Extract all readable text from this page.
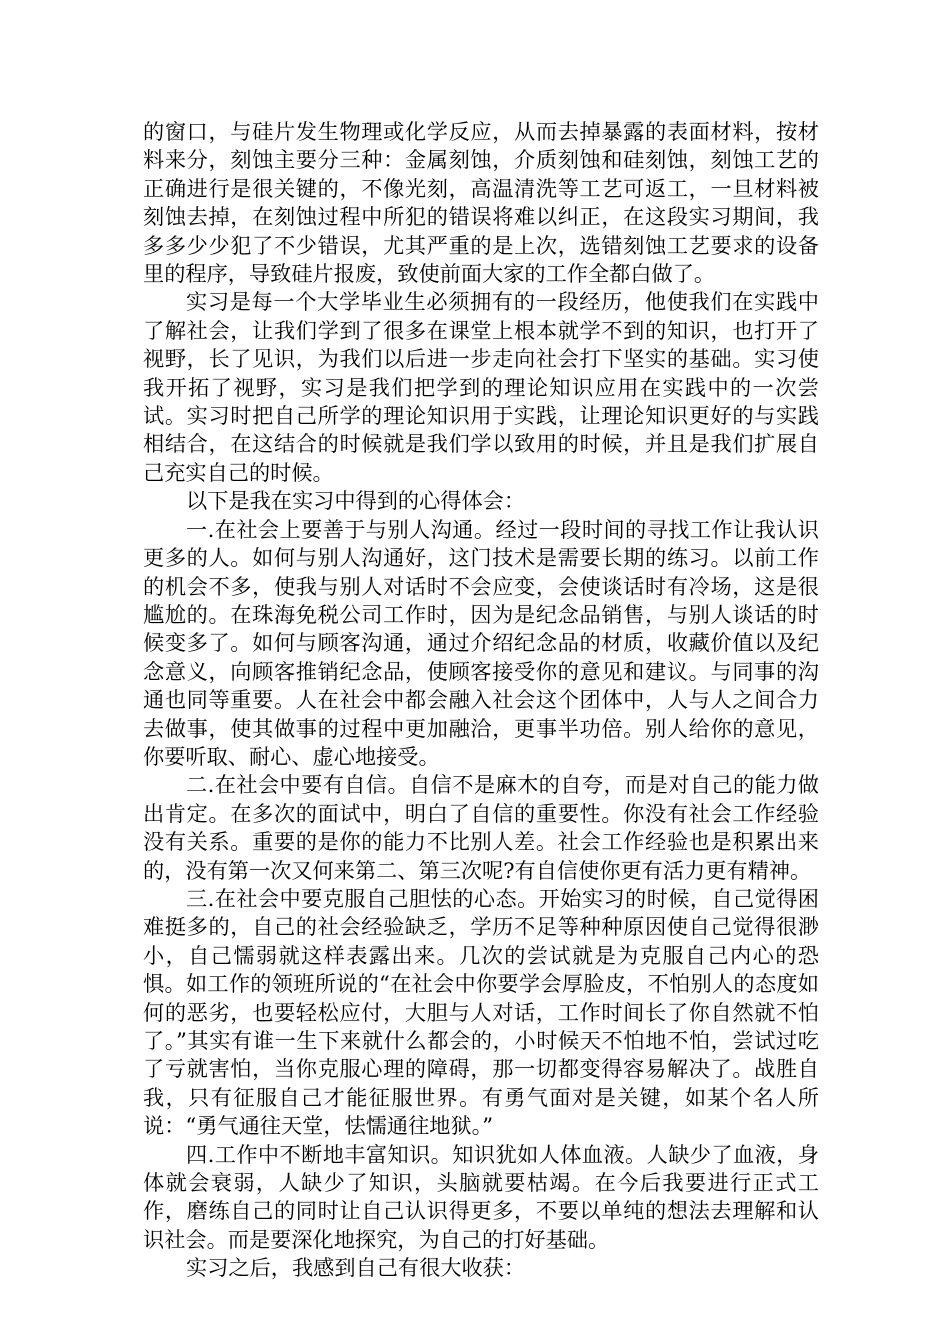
的窗口，与硅片发生物理或化学反应，从而去掉暴露的表面材料，按材料来分，刻蚀主要分三种：金属刻蚀，介质刻蚀和硅刻蚀，刻蚀工艺的正确进行是很关键的，不像光刻，高温清洗等工艺可返工，一旦材料被刻蚀去掉，在刻蚀过程中所犯的错误将难以纠正，在这段实习期间，我多多少少犯了不少错误，尤其严重的是上次，选错刻蚀工艺要求的设备里的程序，导致硅片报废，致使前面大家的工作全都白做了。

实习是每一个大学毕业生必须拥有的一段经历，他使我们在实践中了解社会，让我们学到了很多在课堂上根本就学不到的知识，也打开了视野，长了见识，为我们以后进一步走向社会打下坚实的基础。实习使我开拓了视野，实习是我们把学到的理论知识应用在实践中的一次尝试。实习时把自己所学的理论知识用于实践，让理论知识更好的与实践相结合，在这结合的时候就是我们学以致用的时候，并且是我们扩展自己充实自己的时候。

以下是我在实习中得到的心得体会：

一.在社会上要善于与别人沟通。经过一段时间的寻找工作让我认识更多的人。如何与别人沟通好，这门技术是需要长期的练习。以前工作的机会不多，使我与别人对话时不会应变，会使谈话时有冷场，这是很尴尬的。在珠海免税公司工作时，因为是纪念品销售，与别人谈话的时候变多了。如何与顾客沟通，通过介绍纪念品的材质，收藏价值以及纪念意义，向顾客推销纪念品，使顾客接受你的意见和建议。与同事的沟通也同等重要。人在社会中都会融入社会这个团体中，人与人之间合力去做事，使其做事的过程中更加融洽，更事半功倍。别人给你的意见，你要听取、耐心、虚心地接受。

二.在社会中要有自信。自信不是麻木的自夸，而是对自己的能力做出肯定。在多次的面试中，明白了自信的重要性。你没有社会工作经验没有关系。重要的是你的能力不比别人差。社会工作经验也是积累出来的，没有第一次又何来第二、第三次呢?有自信使你更有活力更有精神。

三.在社会中要克服自己胆怯的心态。开始实习的时候，自己觉得困难挺多的，自己的社会经验缺乏，学历不足等种种原因使自己觉得很渺小，自己懦弱就这样表露出来。几次的尝试就是为克服自己内心的恐惧。如工作的领班所说的“在社会中你要学会厚脸皮，不怕别人的态度如何的恶劣，也要轻松应付，大胆与人对话，工作时间长了你自然就不怕了。”其实有谁一生下来就什么都会的，小时候天不怕地不怕，尝试过吃了亏就害怕，当你克服心理的障碍，那一切都变得容易解决了。战胜自我，只有征服自己才能征服世界。有勇气面对是关键，如某个名人所说：“勇气通往天堂，怯懦通往地狱。”

四.工作中不断地丰富知识。知识犹如人体血液。人缺少了血液，身体就会衰弱，人缺少了知识，头脑就要枯竭。在今后我要进行正式工作，磨练自己的同时让自己认识得更多，不要以单纯的想法去理解和认识社会。而是要深化地探究，为自己的打好基础。

实习之后，我感到自己有很大收获：
